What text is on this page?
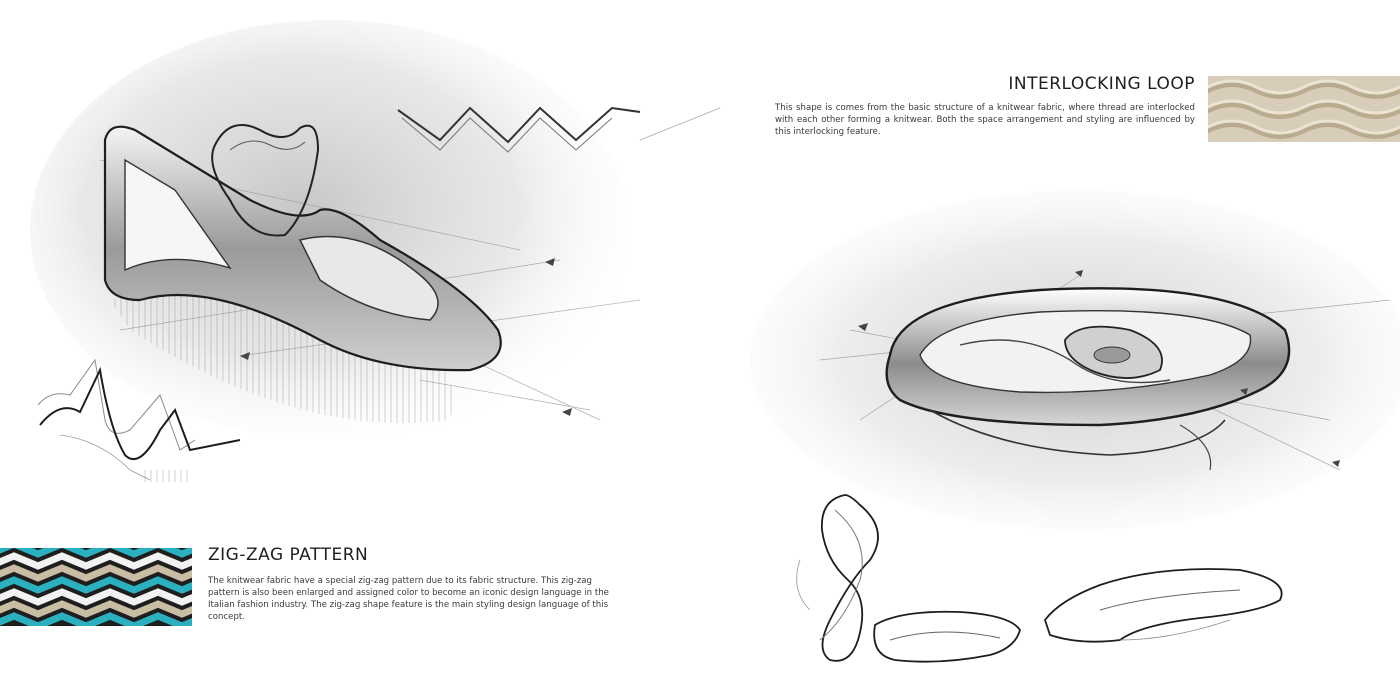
INTERLOCKING LOOP

This shape is comes from the basic structure of a knitwear fabric, where thread are interlocked with each other forming a knitwear. Both the space arrangement and styling are influenced by this interlocking feature.

ZIG-ZAG PATTERN

The knitwear fabric have a special zig-zag pattern due to its fabric structure. This zig-zag pattern is also been enlarged and assigned color to become an iconic design language in the Italian fashion industry. The zig-zag shape feature is the main styling design language of this concept.
